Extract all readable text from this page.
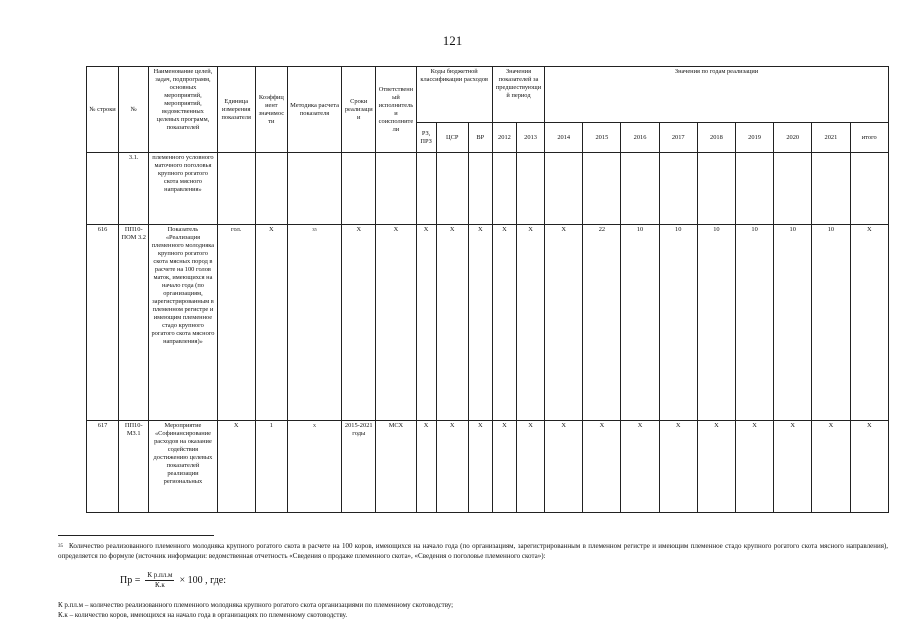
121
№ строки	№	Наименование целей, задач, подпрограмм, основных мероприятий, мероприятий, ведомственных целевых программ, показателей	Единица измерения показателя	Коэффициент значимости	Методика расчета показателя	Сроки реализации	Ответственный исполнитель и соисполнители	Коды бюджетной классификации расходов			Значения показателей за предшествующий период		Значения по годам реализации								
								РЗ, ПРЗ	ЦСР	ВР	2012	2013	2014	2015	2016	2017	2018	2019	2020	2021	итого
	3.1.	племенного условного маточного поголовья крупного рогатого скота мясного направления»																			
616	ПП10-ПОМ 3.2	Показатель «Реализация племенного молодняка крупного рогатого скота мясных пород в расчете на 100 голов маток, имеющихся на начало года (по организациям, зарегистрированным в племенном регистре и имеющим племенное стадо крупного рогатого скота мясного направления)»	гол.	Х	35	Х	Х	Х	Х	Х	Х	Х	Х	22	10	10	10	10	10	10	Х
617	ПП10-МЗ.1	Мероприятие «Софинансирование расходов на оказание содействия достижению целевых показателей реализации региональных	Х	1	Х	2015-2021 годы	МСХ	Х	Х	Х	Х	Х	Х	Х	Х	Х	Х	Х	Х	Х	Х
$^{35}$ Количество реализованного племенного молодняка крупного рогатого скота в расчете на 100 коров, имеющихся на начало года (по организациям, зарегистрированным в племенном регистре и имеющим племенное стадо крупного рогатого скота мясного направления), определяется по формуле (источник информации: ведомственная отчетность «Сведения о продаже племенного скота», «Сведения о поголовье племенного скота»):
Пр = $\frac{\text{К р.пл.м}}{К.к} \times 100$ , где:
К р.пл.м – количество реализованного племенного молодняка крупного рогатого скота организациями по племенному скотоводству;
К.к – количество коров, имеющихся на начало года в организациях по племенному скотоводству.
